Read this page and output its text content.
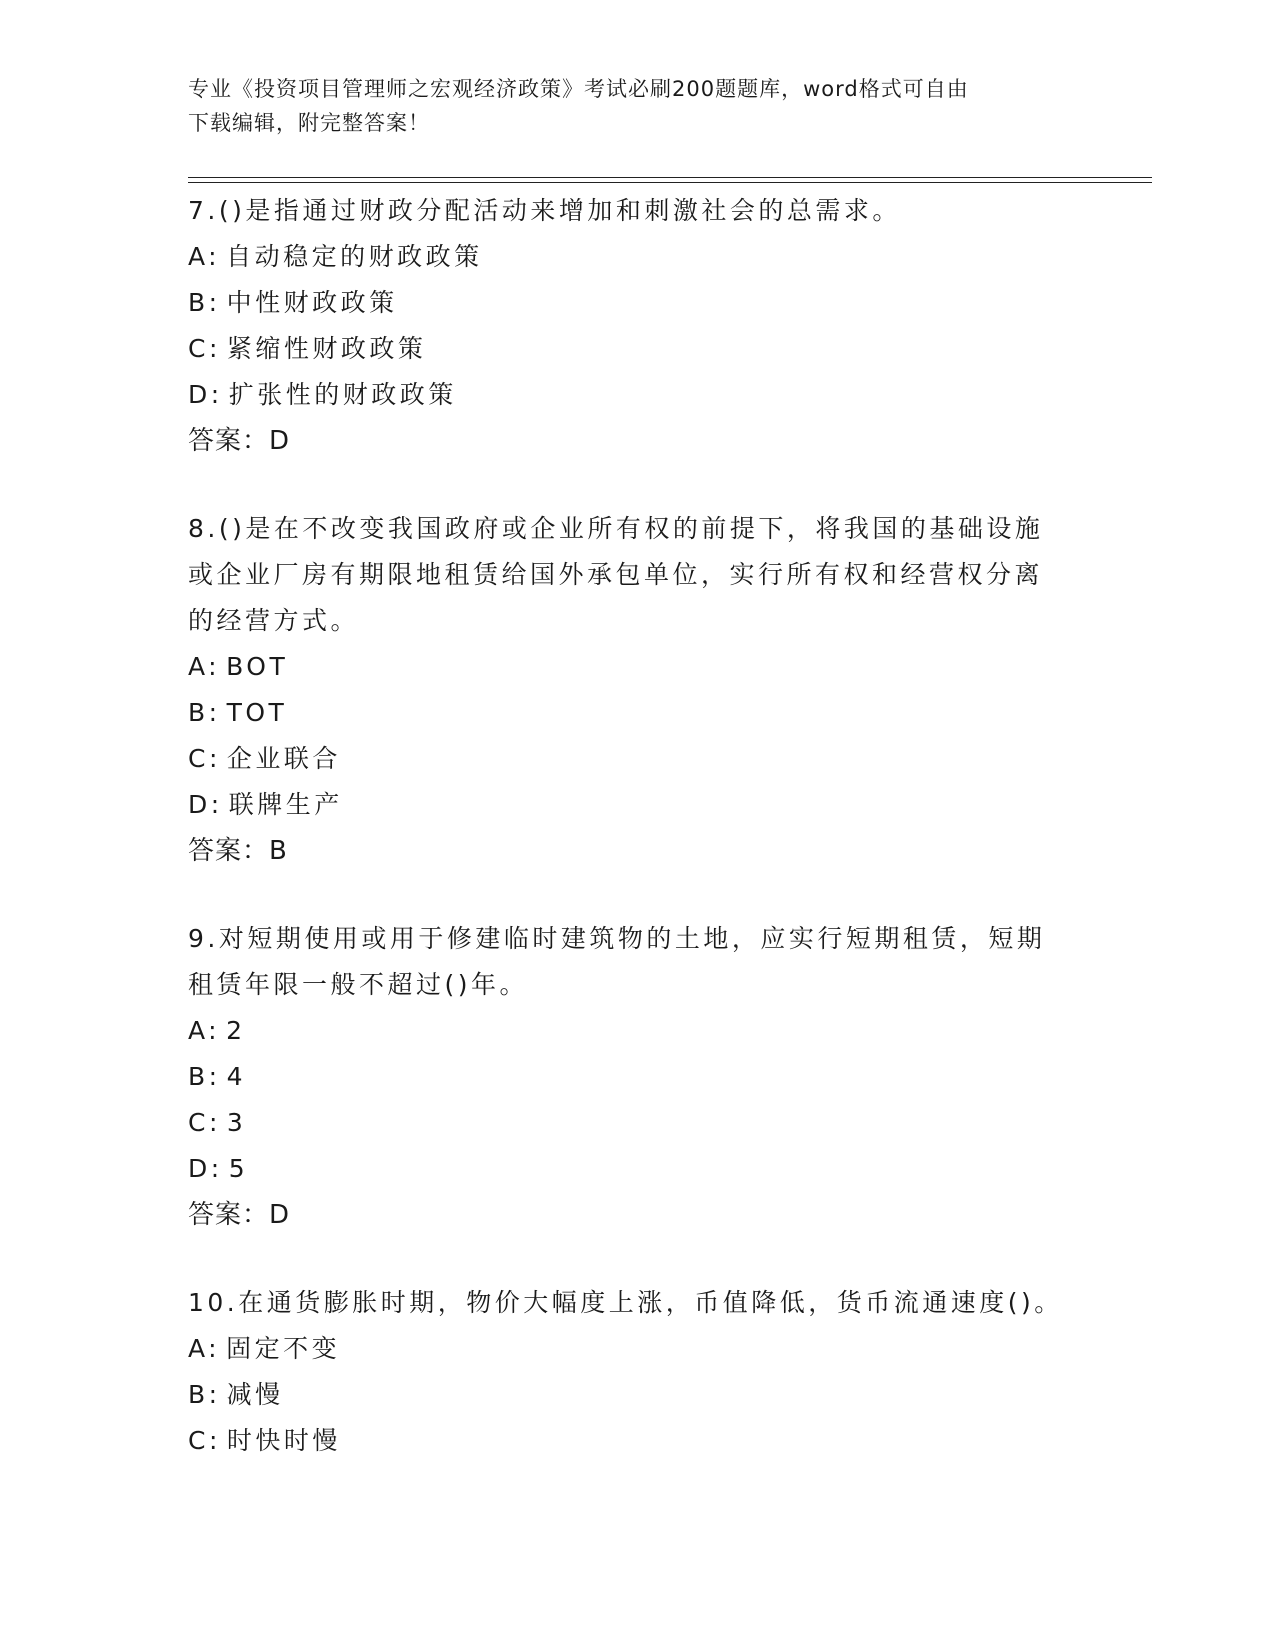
专业《投资项目管理师之宏观经济政策》考试必刷200题题库，word格式可自由
下载编辑，附完整答案！

7.()是指通过财政分配活动来增加和刺激社会的总需求。

A: 自动稳定的财政政策

B: 中性财政政策

C: 紧缩性财政政策

D: 扩张性的财政政策

答案：D

8.()是在不改变我国政府或企业所有权的前提下，将我国的基础设施或企业厂房有期限地租赁给国外承包单位，实行所有权和经营权分离的经营方式。

A: BOT

B: TOT

C: 企业联合

D: 联牌生产

答案：B

9.对短期使用或用于修建临时建筑物的土地，应实行短期租赁，短期租赁年限一般不超过()年。

A: 2

B: 4

C: 3

D: 5

答案：D

10.在通货膨胀时期，物价大幅度上涨，币值降低，货币流通速度()。

A: 固定不变

B: 减慢

C: 时快时慢
